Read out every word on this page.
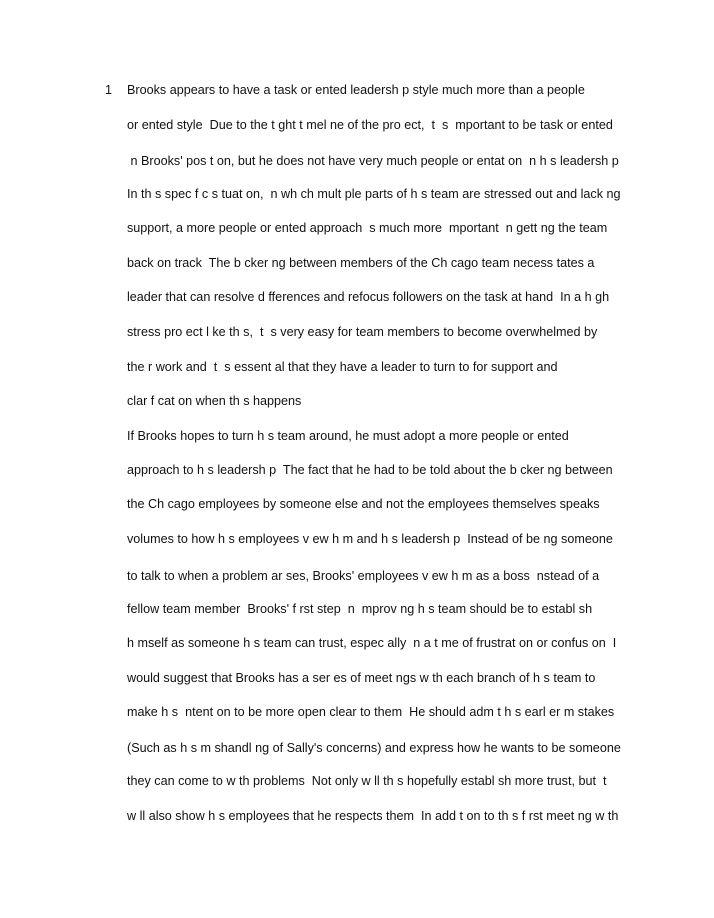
1 Brooks appears to have a task or ented leadersh p style much more than a people
or ented style  Due to the t ght t mel ne of the pro ect,  t  s  mportant to be task or ented
n Brooks' pos t on, but he does not have very much people or entat on  n h s leadersh p
In th s spec f c s tuat on,  n wh ch mult ple parts of h s team are stressed out and lack ng
support, a more people or ented approach  s much more  mportant  n gett ng the team
back on track  The b cker ng between members of the Ch cago team necess tates a
leader that can resolve d fferences and refocus followers on the task at hand  In a h gh
stress pro ect l ke th s,  t  s very easy for team members to become overwhelmed by
the r work and  t  s essent al that they have a leader to turn to for support and
clar f cat on when th s happens
If Brooks hopes to turn h s team around, he must adopt a more people or ented
approach to h s leadersh p  The fact that he had to be told about the b cker ng between
the Ch cago employees by someone else and not the employees themselves speaks
volumes to how h s employees v ew h m and h s leadersh p  Instead of be ng someone
to talk to when a problem ar ses, Brooks' employees v ew h m as a boss  nstead of a
fellow team member  Brooks' f rst step  n  mprov ng h s team should be to establ sh
h mself as someone h s team can trust, espec ally  n a t me of frustrat on or confus on  I
would suggest that Brooks has a ser es of meet ngs w th each branch of h s team to
make h s  ntent on to be more open clear to them  He should adm t h s earl er m stakes
(Such as h s m shandl ng of Sally's concerns) and express how he wants to be someone
they can come to w th problems  Not only w ll th s hopefully establ sh more trust, but  t
w ll also show h s employees that he respects them  In add t on to th s f rst meet ng w th
